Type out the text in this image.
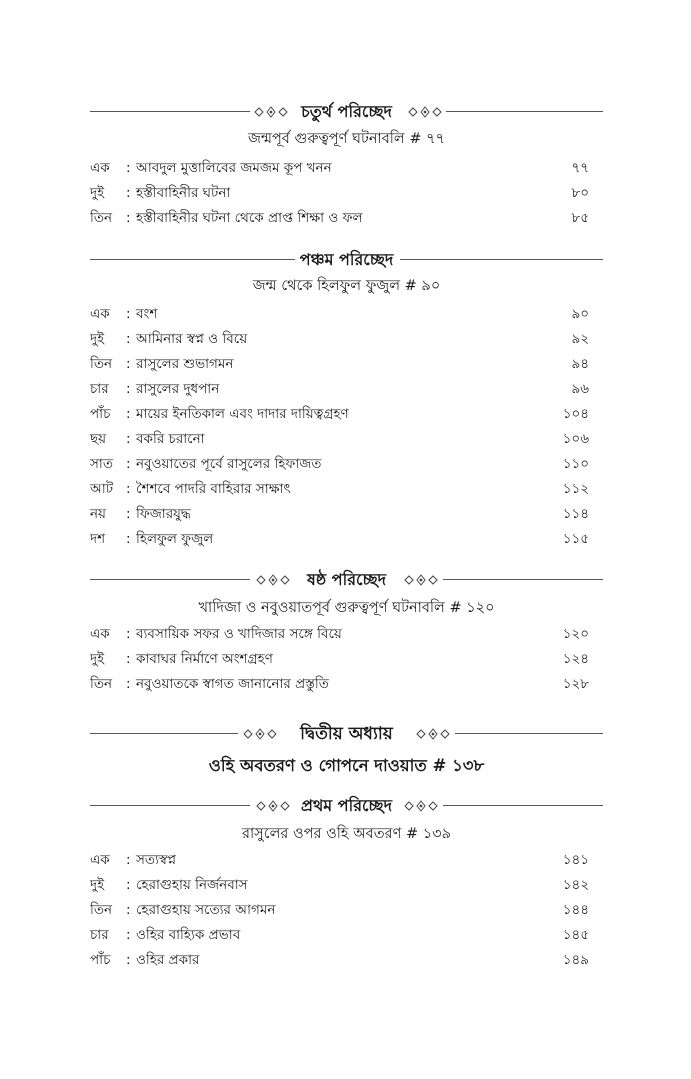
চতুর্থ পরিচ্ছেদ
জন্মপূর্ব গুরুত্বপূর্ণ ঘটনাবলি # ৭৭
এক	: আবদুল মুত্তালিবের জমজম কূপ খনন	৭৭
দুই	: হস্তীবাহিনীর ঘটনা	৮০
তিন	: হস্তীবাহিনীর ঘটনা থেকে প্রাপ্ত শিক্ষা ও ফল	৮৫
পঞ্চম পরিচ্ছেদ
জন্ম থেকে হিলফুল ফুজুল # ৯০
এক	: বংশ	৯০
দুই	: আমিনার স্বপ্ন ও বিয়ে	৯২
তিন	: রাসুলের শুভাগমন	৯৪
চার	: রাসুলের দুধপান	৯৬
পাঁচ	: মায়ের ইনতিকাল এবং দাদার দায়িত্বগ্রহণ	১০৪
ছয়	: বকরি চরানো	১০৬
সাত : নবুওয়াতের পূর্বে রাসুলের হিফাজত	১১০
আট : শৈশবে পাদরি বাহিরার সাক্ষাৎ	১১২
নয়	: ফিজারযুদ্ধ	১১৪
দশ	: হিলফুল ফুজুল	১১৫
ষষ্ঠ পরিচ্ছেদ
খাদিজা ও নবুওয়াতপূর্ব গুরুত্বপূর্ণ ঘটনাবলি # ১২০
এক	: ব্যবসায়িক সফর ও খাদিজার সঙ্গে বিয়ে	১২০
দুই	: কাবাঘর নির্মাণে অংশগ্রহণ	১২৪
তিন	: নবুওয়াতকে স্বাগত জানানোর প্রস্তুতি	১২৮
দ্বিতীয় অধ্যায়
ওহি অবতরণ ও গোপনে দাওয়াত # ১৩৮
প্রথম পরিচ্ছেদ
রাসুলের ওপর ওহি অবতরণ # ১৩৯
এক	: সত্যস্বপ্ন	১৪১
দুই	: হেরাগুহায় নির্জনবাস	১৪২
তিন	: হেরাগুহায় সত্যের আগমন	১৪৪
চার	: ওহির বাহ্যিক প্রভাব	১৪৫
পাঁচ	: ওহির প্রকার	১৪৯
